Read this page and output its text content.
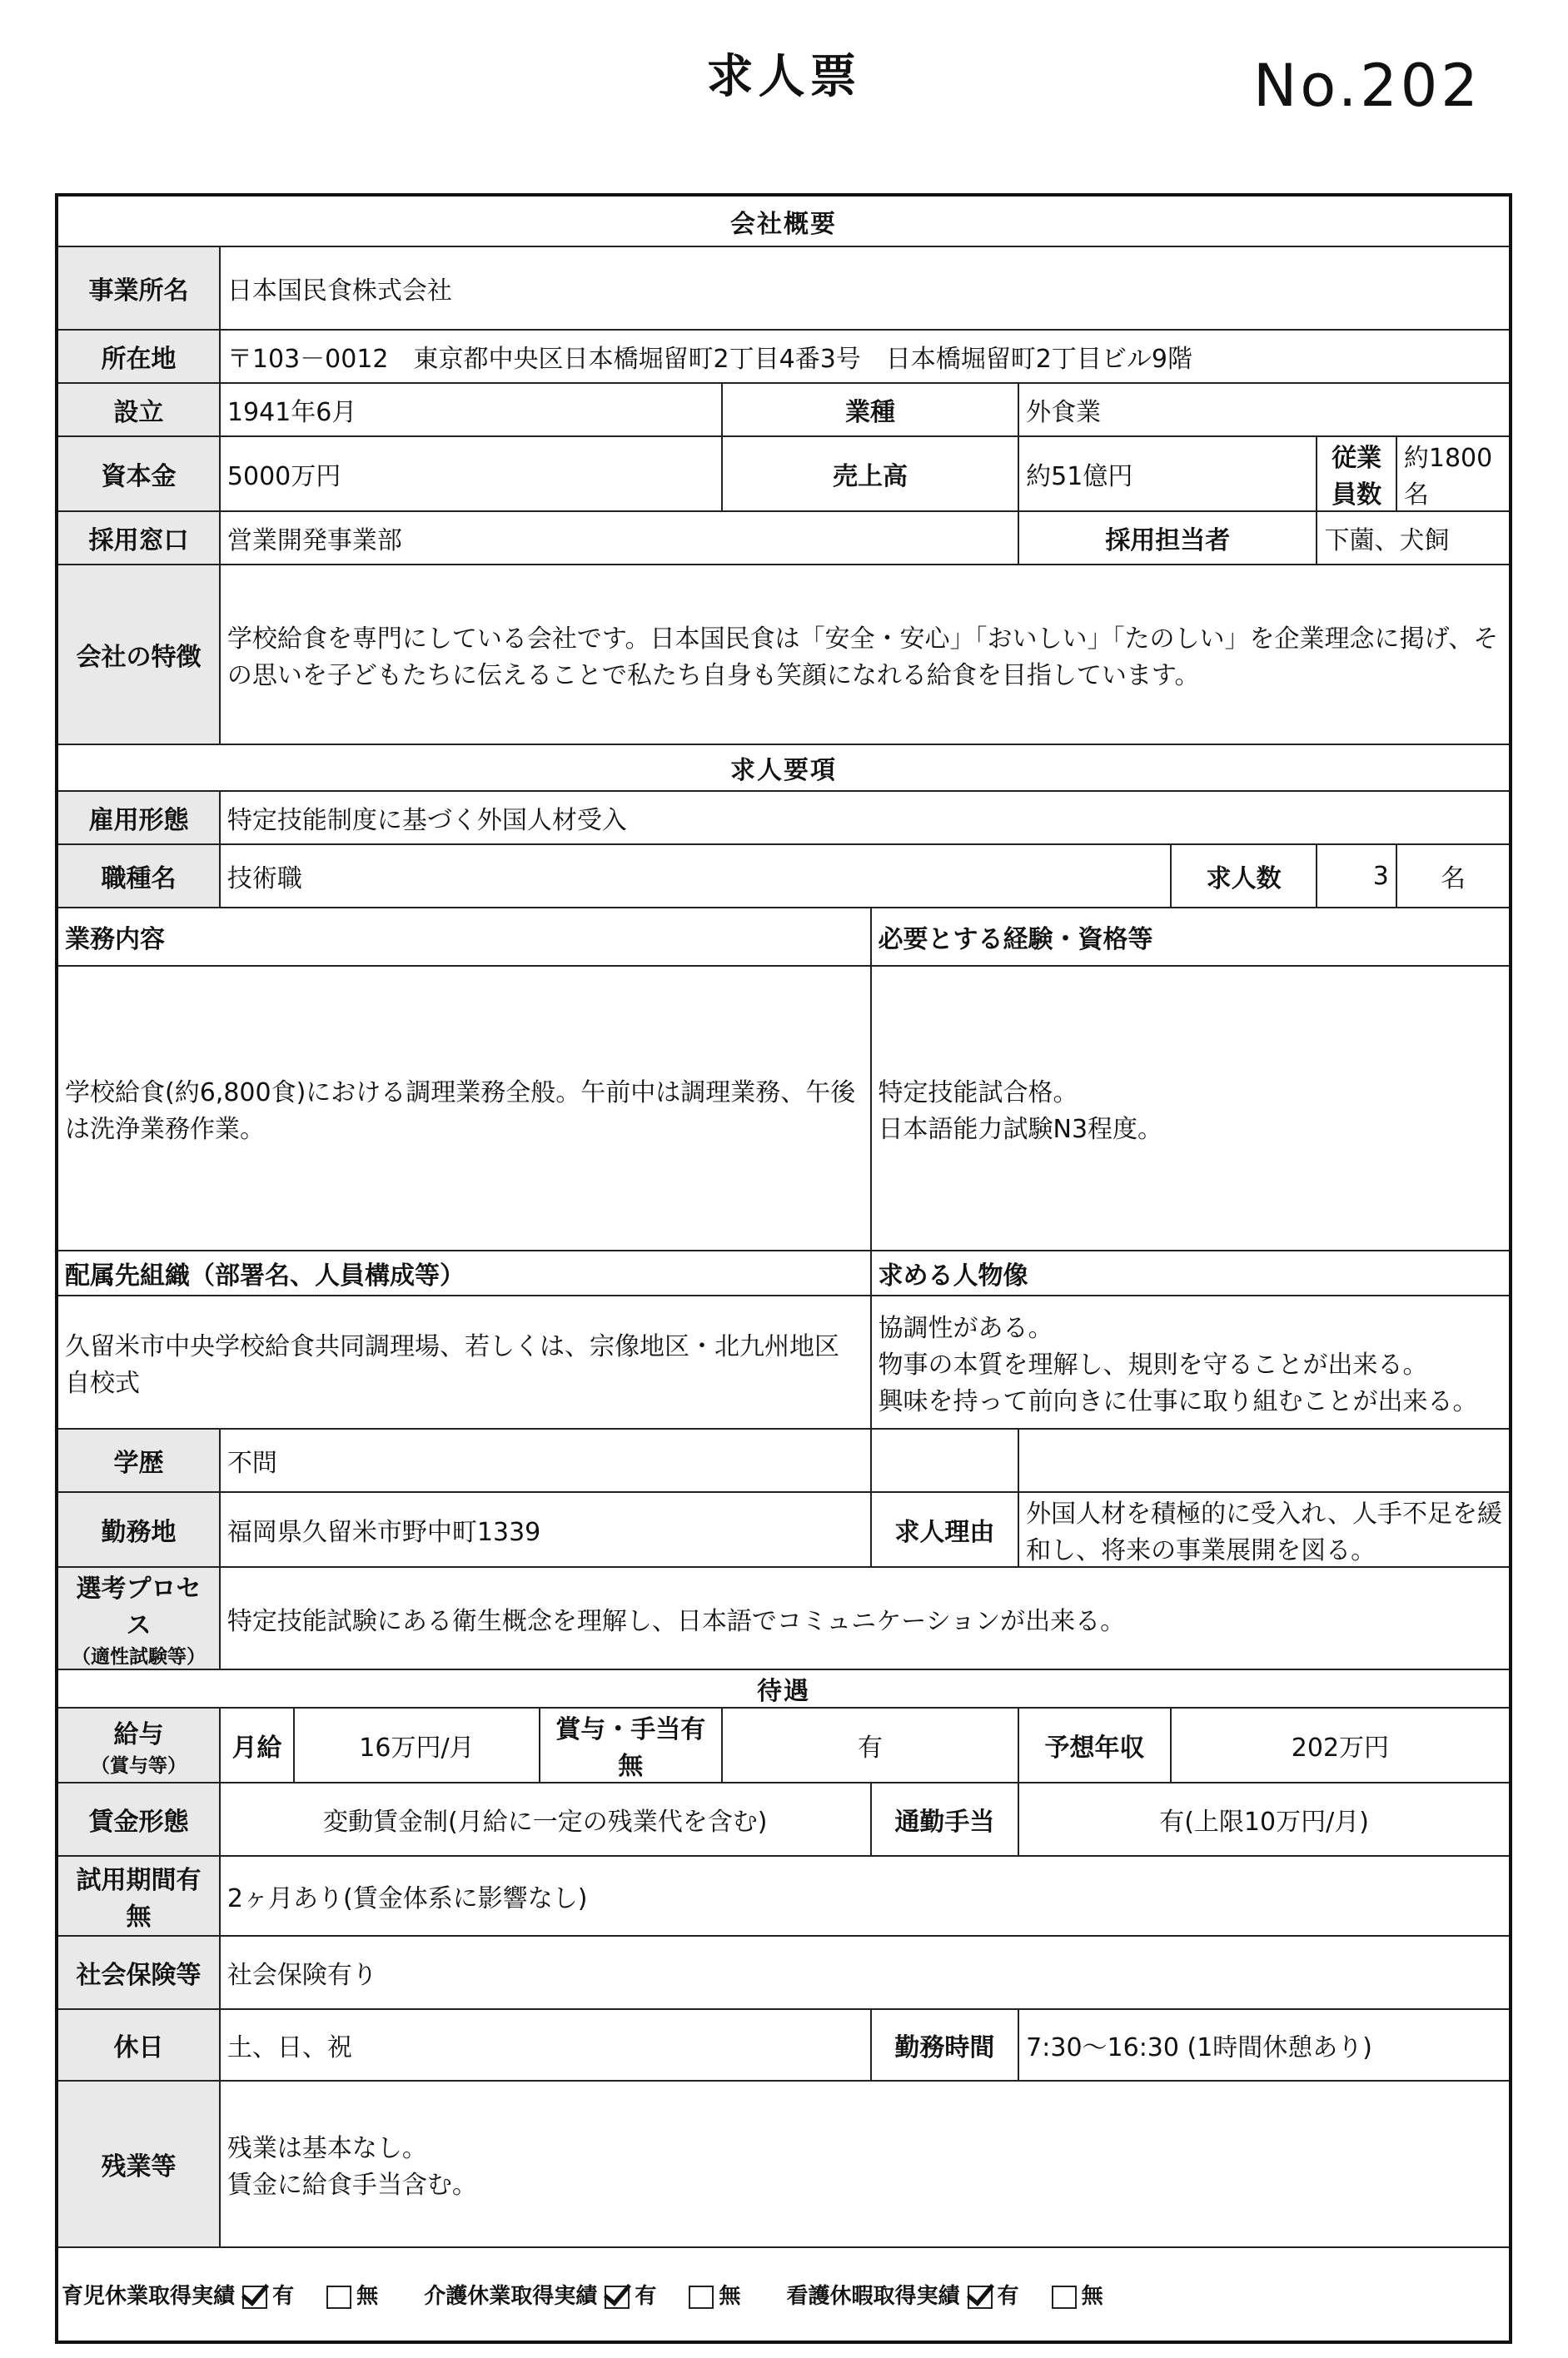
求人票	No.202
会社概要									
事業所名	日本国民食株式会社								
所在地	〒103－0012　東京都中央区日本橋堀留町2丁目4番3号　日本橋堀留町2丁目ビル9階								
設立	1941年6月			業種		外食業			
資本金	5000万円			売上高		約51億円		従業員数	約1800名
採用窓口	営業開発事業部					採用担当者		下薗、犬飼	
会社の特徴	学校給食を専門にしている会社です。日本国民食は「安全・安心」「おいしい」「たのしい」を企業理念に掲げ、その思いを子どもたちに伝えることで私たち自身も笑顔になれる給食を目指しています。								
求人要項									
雇用形態	特定技能制度に基づく外国人材受入								
職種名	技術職						求人数	3	名
業務内容					必要とする経験・資格等				
学校給食(約6,800食)における調理業務全般。午前中は調理業務、午後は洗浄業務作業。					特定技能試合格。
日本語能力試験N3程度。				

配属先組織（部署名、人員構成等）					求める人物像				
久留米市中央学校給食共同調理場、若しくは、宗像地区・北九州地区自校式					協調性がある。
物事の本質を理解し、規則を守ることが出来る。
興味を持って前向きに仕事に取り組むことが出来る。				

学歴	不問								
勤務地	福岡県久留米市野中町1339				求人理由	外国人材を積極的に受入れ、人手不足を緩和し、将来の事業展開を図る。			

選考プロセス
（適性試験等）	特定技能試験にある衛生概念を理解し、日本語でコミュニケーションが出来る。								
待遇									

給与
（賞与等）	月給	16万円/月	賞与・手当有無	有		予想年収	202万円		
賃金形態	変動賃金制(月給に一定の残業代を含む)				通勤手当	有(上限10万円/月)			
試用期間有無	2ヶ月あり(賃金体系に影響なし)								
社会保険等	社会保険有り								
休日	土、日、祝				勤務時間	7:30～16:30 (1時間休憩あり)			
残業等	残業は基本なし。
賃金に給食手当含む。								

育児休業取得実績 有 無 介護休業取得実績 有 無 看護休暇取得実績 有 無									
